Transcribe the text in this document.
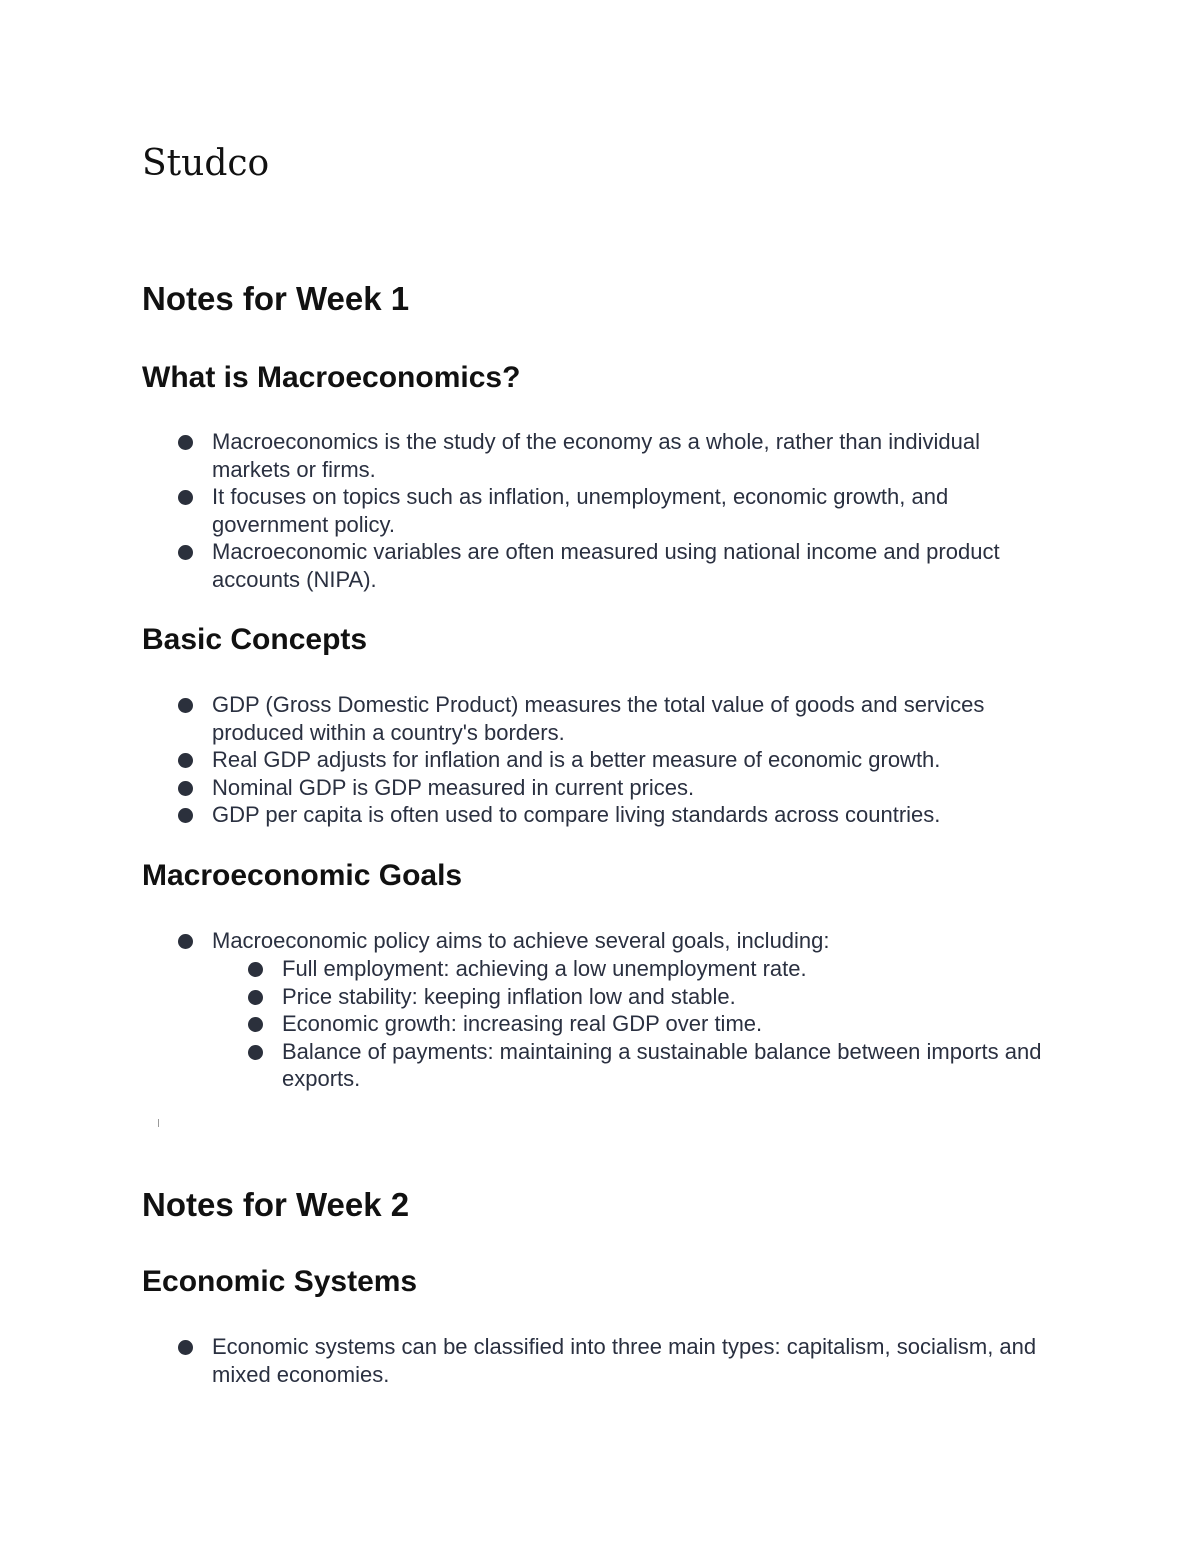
Studco
Notes for Week 1
What is Macroeconomics?
Macroeconomics is the study of the economy as a whole, rather than individual markets or firms.
It focuses on topics such as inflation, unemployment, economic growth, and government policy.
Macroeconomic variables are often measured using national income and product accounts (NIPA).
Basic Concepts
GDP (Gross Domestic Product) measures the total value of goods and services produced within a country's borders.
Real GDP adjusts for inflation and is a better measure of economic growth.
Nominal GDP is GDP measured in current prices.
GDP per capita is often used to compare living standards across countries.
Macroeconomic Goals
Macroeconomic policy aims to achieve several goals, including:
Full employment: achieving a low unemployment rate.
Price stability: keeping inflation low and stable.
Economic growth: increasing real GDP over time.
Balance of payments: maintaining a sustainable balance between imports and exports.
Notes for Week 2
Economic Systems
Economic systems can be classified into three main types: capitalism, socialism, and mixed economies.
